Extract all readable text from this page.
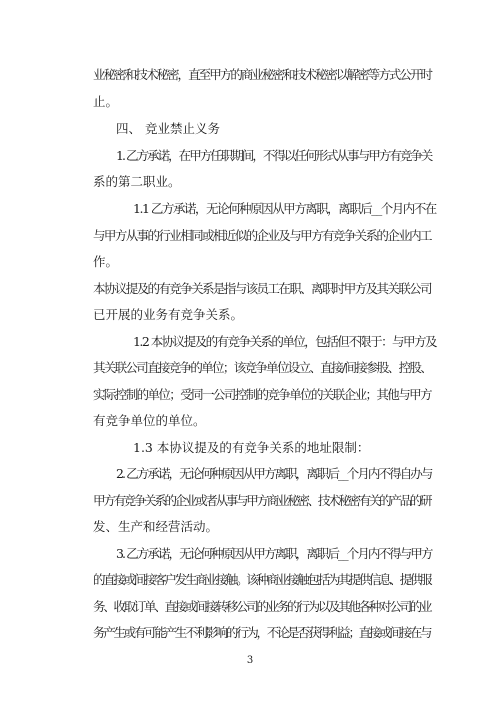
业秘密和技术秘密，直至甲方的商业秘密和技术秘密以解密等方式公开时
止。
四、 竞业禁止义务
1. 乙方承诺，在甲方任职期间，不得以任何形式从事与甲方有竞争关
系的第二职业。
1.1 乙方承诺，无论何种原因从甲方离职，离职后__个月内不在
与甲方从事的行业相同或相近似的企业及与甲方有竞争关系的企业内工
作。
本协议提及的有竞争关系是指与该员工在职、离职时甲方及其关联公司
已开展的业务有竞争关系。
1.2 本协议提及的有竞争关系的单位，包括但不限于：与甲方及
其关联公司直接竞争的单位；该竞争单位设立、直接/间接参股、控股、
实际控制的单位；受同一公司控制的竞争单位的关联企业；其他与甲方
有竞争单位的单位。
1.3 本协议提及的有竞争关系的地址限制：
2. 乙方承诺，无论何种原因从甲方离职，离职后__个月内不得自办与
甲方有竞争关系的企业或者从事与甲方商业秘密、技术秘密有关的产品的研
发、生产和经营活动。
3. 乙方承诺，无论何种原因从甲方离职，离职后__个月内不得与甲方
的直接或间接客户发生商业接触。该种商业接触包括为其提供信息、提供服
务、收取订单、直接或间接转移公司的业务的行为以及其他各种对公司的业
务产生或有可能产生不利影响的行为，不论是否获得利益；直接或间接在与
3
